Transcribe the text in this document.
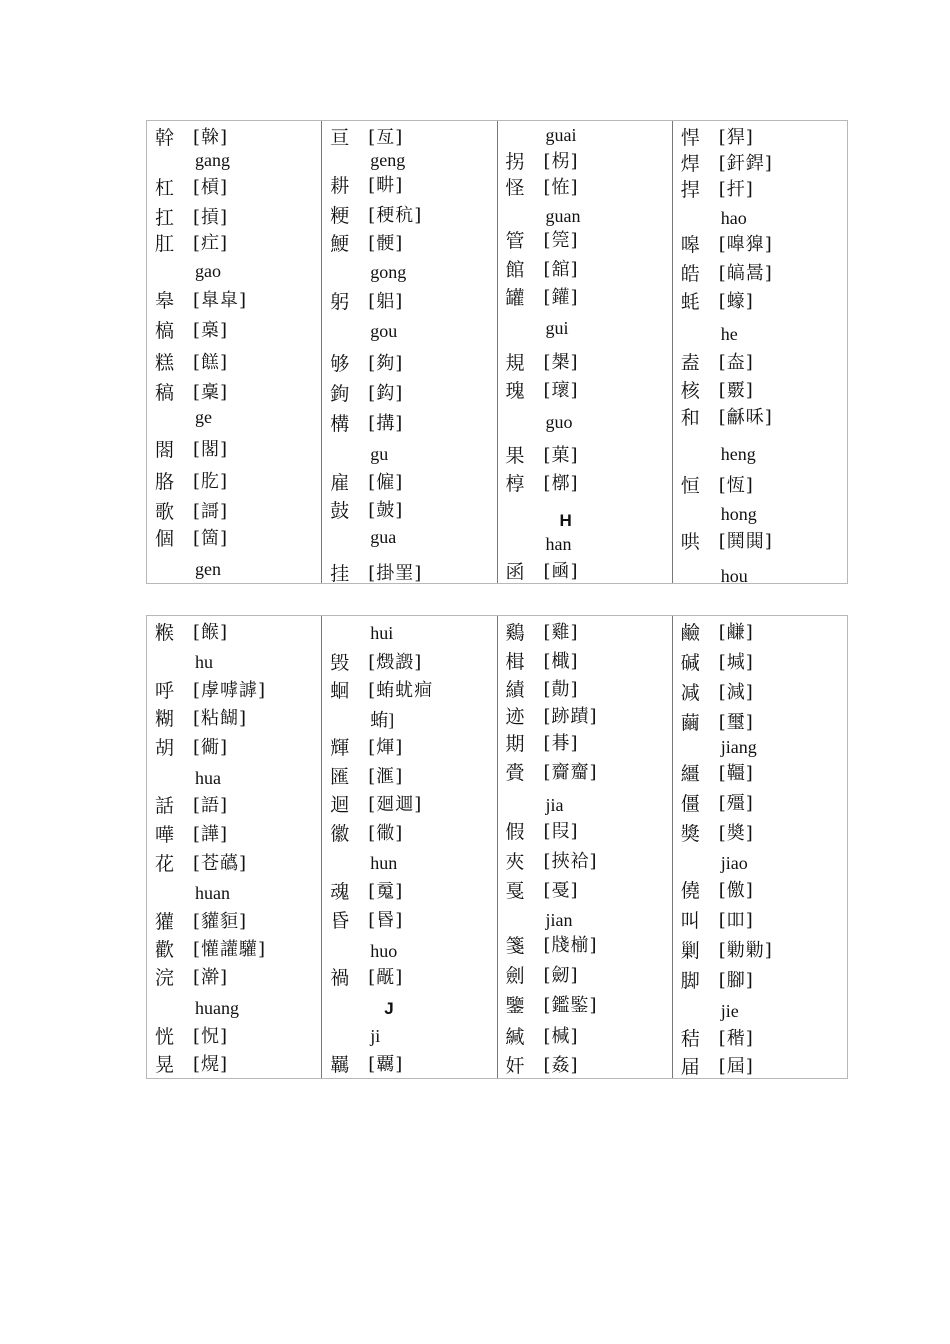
幹 [榦]
gang
杠 [槓]
扛 [摃]
肛 [疘]
gao
皋 [臯皐]
槁 [槀]
糕 [餻]
稿 [稾]
ge
閤 [閣]
胳 [肐]
歌 [謌]
個 [箇]
gen
亘 [亙]
geng
耕 [畊]
粳 [稉秔]
鯁 [骾]
gong
躬 [躳]
gou
够 [夠]
鉤 [鈎]
構 [搆]
gu
雇 [僱]
鼓 [皷]
gua
挂 [掛罣]
guai
拐 [柺]
怪 [恠]
guan
管 [筦]
館 [舘]
罐 [鑵]
gui
規 [槼]
瑰 [瓌]
guo
果 [菓]
椁 [槨]
H
han
函 [凾]
悍 [猂]
焊 [釬銲]
捍 [扞]
hao
嗥 [嘷獋]
皓 [皜暠]
蚝 [蠔]
he
盍 [盇]
核 [覈]
和 [龢咊]
heng
恒 [恆]
hong
哄 [鬨閧]
hou
糇 [餱]
hu
呼 [虖嘑謼]
糊 [粘餬]
胡 [衚]
hua
話 [語]
嘩 [譁]
花 [苍蘤]
huan
獾 [貛貆]
歡 [懽讙驩]
浣 [澣]
huang
恍 [怳]
晃 [熀]
hui
毁 [燬譭]
蛔 [蛕蚘痐
蛕]
輝 [煇]
匯 [滙]
迴 [廻逥]
徽 [幑]
hun
魂 [䰟]
昏 [昬]
huo
禍 [旤]
J
ji
羈 [覊]
鷄 [雞]
楫 [檝]
績 [勣]
迹 [跡蹟]
期 [朞]
賫 [齎齏]
jia
假 [叚]
夾 [挾袷]
戛 [戞]
jian
箋 [牋椾]
劍 [劒]
鑒 [鑑鍳]
緘 [椷]
奸 [姦]
鹼 [鹻]
碱 [堿]
减 [減]
繭 [璽]
jiang
繮 [韁]
僵 [殭]
獎 [奬]
jiao
僥 [儌]
叫 [吅]
剿 [勦勦]
脚 [腳]
jie
秸 [稭]
届 [屆]
